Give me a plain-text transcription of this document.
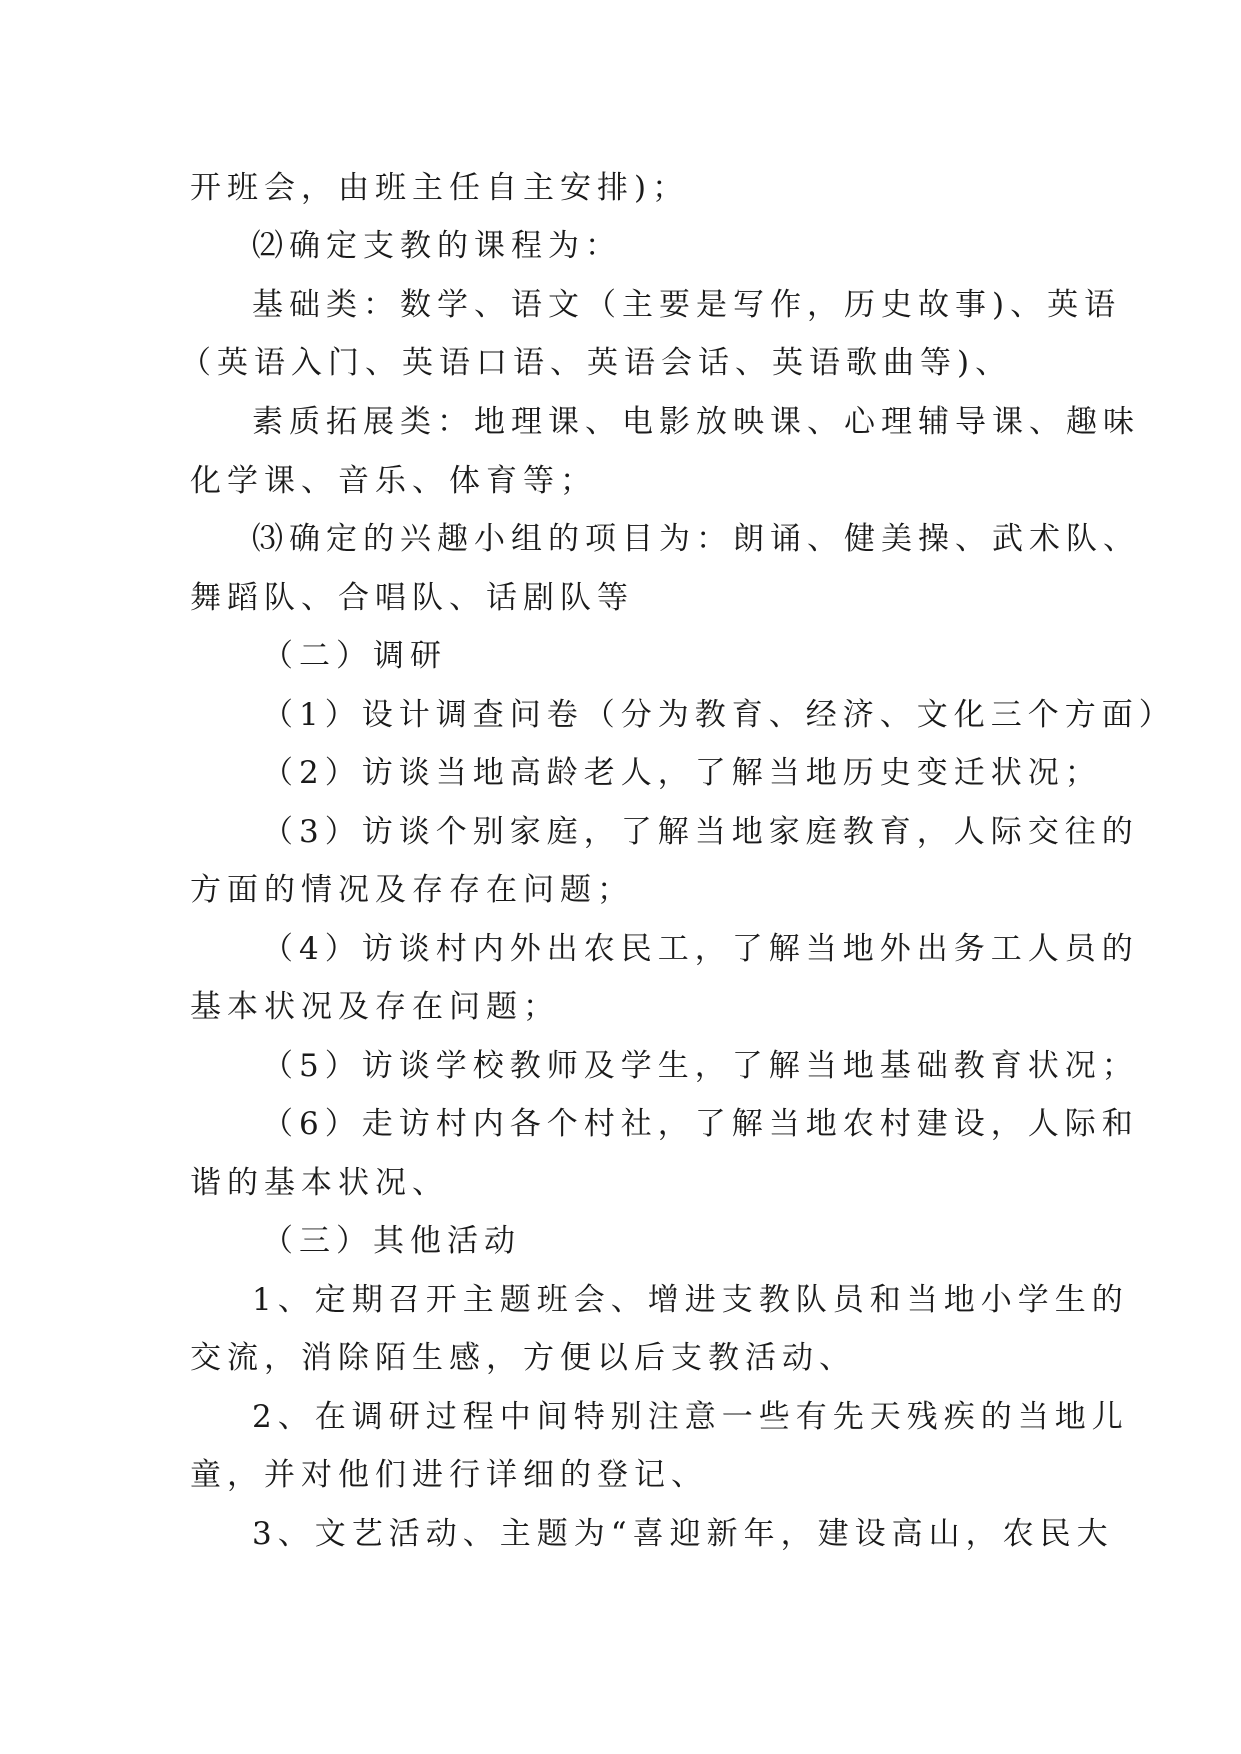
开班会，由班主任自主安排)；
⑵确定支教的课程为：
基础类：数学、语文（主要是写作，历史故事)、英语
（英语入门、英语口语、英语会话、英语歌曲等)、
素质拓展类：地理课、电影放映课、心理辅导课、趣味
化学课、音乐、体育等；
⑶确定的兴趣小组的项目为：朗诵、健美操、武术队、
舞蹈队、合唱队、话剧队等
（二）调研
（1）设计调查问卷（分为教育、经济、文化三个方面）
（2）访谈当地高龄老人，了解当地历史变迁状况；
（3）访谈个别家庭，了解当地家庭教育，人际交往的
方面的情况及存存在问题；
（4）访谈村内外出农民工，了解当地外出务工人员的
基本状况及存在问题；
（5）访谈学校教师及学生，了解当地基础教育状况；
（6）走访村内各个村社，了解当地农村建设，人际和
谐的基本状况、
（三）其他活动
1、定期召开主题班会、增进支教队员和当地小学生的
交流，消除陌生感，方便以后支教活动、
2、在调研过程中间特别注意一些有先天残疾的当地儿
童，并对他们进行详细的登记、
3、文艺活动、主题为“喜迎新年，建设高山，农民大
